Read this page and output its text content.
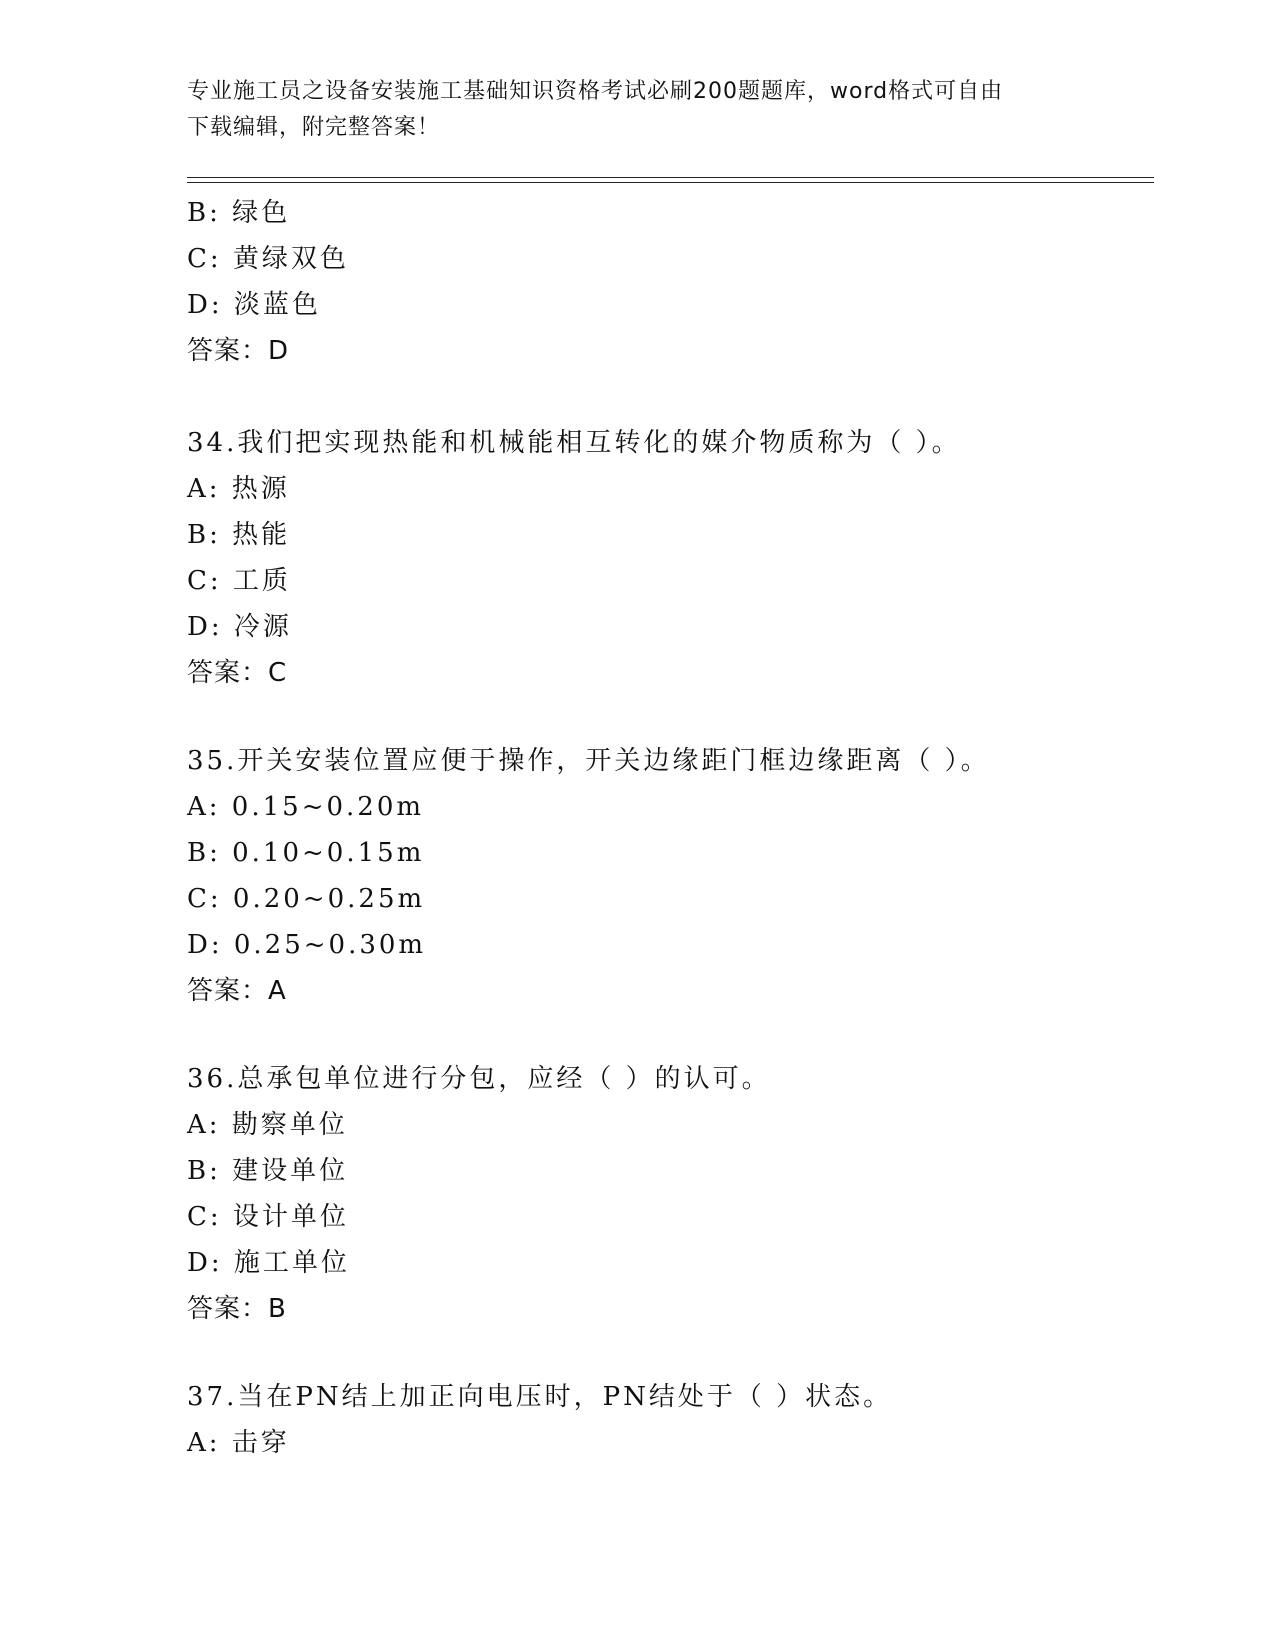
专业施工员之设备安装施工基础知识资格考试必刷200题题库，word格式可自由
下载编辑，附完整答案！
B: 绿色
C: 黄绿双色
D: 淡蓝色
答案：D
34.我们把实现热能和机械能相互转化的媒介物质称为（ ）。
A: 热源
B: 热能
C: 工质
D: 冷源
答案：C
35.开关安装位置应便于操作，开关边缘距门框边缘距离（ ）。
A: 0.15~0.20m
B: 0.10~0.15m
C: 0.20~0.25m
D: 0.25~0.30m
答案：A
36.总承包单位进行分包，应经（ ）的认可。
A: 勘察单位
B: 建设单位
C: 设计单位
D: 施工单位
答案：B
37.当在PN结上加正向电压时，PN结处于（ ）状态。
A: 击穿
